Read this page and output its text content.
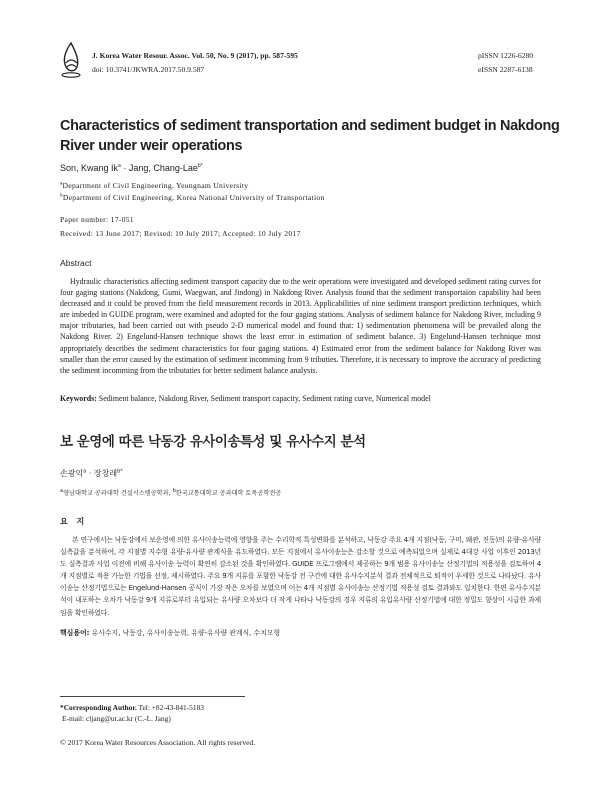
J. Korea Water Resour. Assoc. Vol. 50, No. 9 (2017), pp. 587-595
doi: 10.3741/JKWRA.2017.50.9.587
pISSN 1226-6280
eISSN 2287-6138
Characteristics of sediment transportation and sediment budget in Nakdong River under weir operations
Son, Kwang $Ik^a$ · Jang, Chang-Lae$^{b*}$
$^a$Department of Civil Engineering, Yeungnam University
$^b$Department of Civil Engineering, Korea National University of Transportation
Paper number: 17-051
Received: 13 June 2017; Revised: 10 July 2017; Accepted: 10 July 2017
Abstract

Hydraulic characteristics affecting sediment transport capacity due to the weir operations were investigated and developed sediment rating curves for four gaging stations (Nakdong, Gumi, Waegwan, and Jindong) in Nakdong River. Analysis found that the sediment transportaion capability had been decreased and it could be proved from the field measurement records in 2013. Applicabilities of nine sediment transport prediction techniques, which are imbeded in GUIDE program, were examined and adopted for the four gaging stations. Analysis of sediment balance for Nakdong River, including 9 major tributaries, had been carried out with pseudo 2-D numerical model and found that: 1) sedimentation phenomena will be prevailed along the Nakdong River. 2) Engelund-Hansen technique shows the least error in estimation of sediment balance. 3) Engelund-Hansen technique most appropriately describes the sediment characteristics for four gaging stations. 4) Estimated error from the sediment balance for Nakdong River was smaller than the error caused by the estimation of sediment incomming from 9 tributies. Therefore, it is necessary to improve the accuracy of predicting the sediment incomming from the tributaties for better sediment balance analysis.

Keywords: Sediment balance, Nakdong River, Sediment transport capacity, Sediment rating curve, Numerical model
보 운영에 따른 낙동강 유사이송특성 및 유사수지 분석
손광익$^a$ · 장창래$^{b*}$
$^a$영남대학교 공과대학 건설시스템공학과, $^b$한국교통대학교 공과대학 토목공학전공
요 지

본 연구에서는 낙동강에서 보운영에 의한 유사이송능력에 영향을 주는 수리학적 특성변화를 분석하고, 낙동강 주요 4개 지점(낙동, 구미, 왜관, 진동)의 유량-유사량 실측값을 분석하여, 각 지점별 지수형 유량-유사량 관계식을 유도하였다. 모든 지점에서 유사이송능은 감소할 것으로 예측되었으며 실제로 4대강 사업 이후인 2013년도 실측결과 사업 이전에 비해 유사이송 능력이 확연히 감소된 것을 확인하였다. GUIDE 프로그램에서 제공하는 9개 범용 유사이송능 산정기법의 적용성을 검토하여 4개 지점별로 적용 가능한 기법을 선정, 제시하였다. 주요 9개 지류를 포함한 낙동강 전 구간에 대한 유사수지분석 결과 전체적으로 퇴적이 우세한 것으로 나타났다. 유사이송능 산정기법으로는 Engelund-Hansen 공식이 가장 작은 오차를 보였으며 이는 4개 지점별 유사이송능 산정기법 적용성 검토 결과와도 일치한다. 한편 유사수지분석이 내포하는 오차가 낙동강 9개 지류로부터 유입되는 유사량 오차보다 더 작게 나타나 낙동강의 경우 지류의 유입유사량 산정기법에 대한 정밀도 향상이 시급한 과제임을 확인하였다.

핵심용어: 유사수지, 낙동강, 유사이송능력, 유량-유사량 관계식, 수치모형
*Corresponding Author. Tel: +82-43-841-5183
E-mail: cljang@ut.ac.kr (C.-L. Jang)
© 2017 Korea Water Resources Association. All rights reserved.
